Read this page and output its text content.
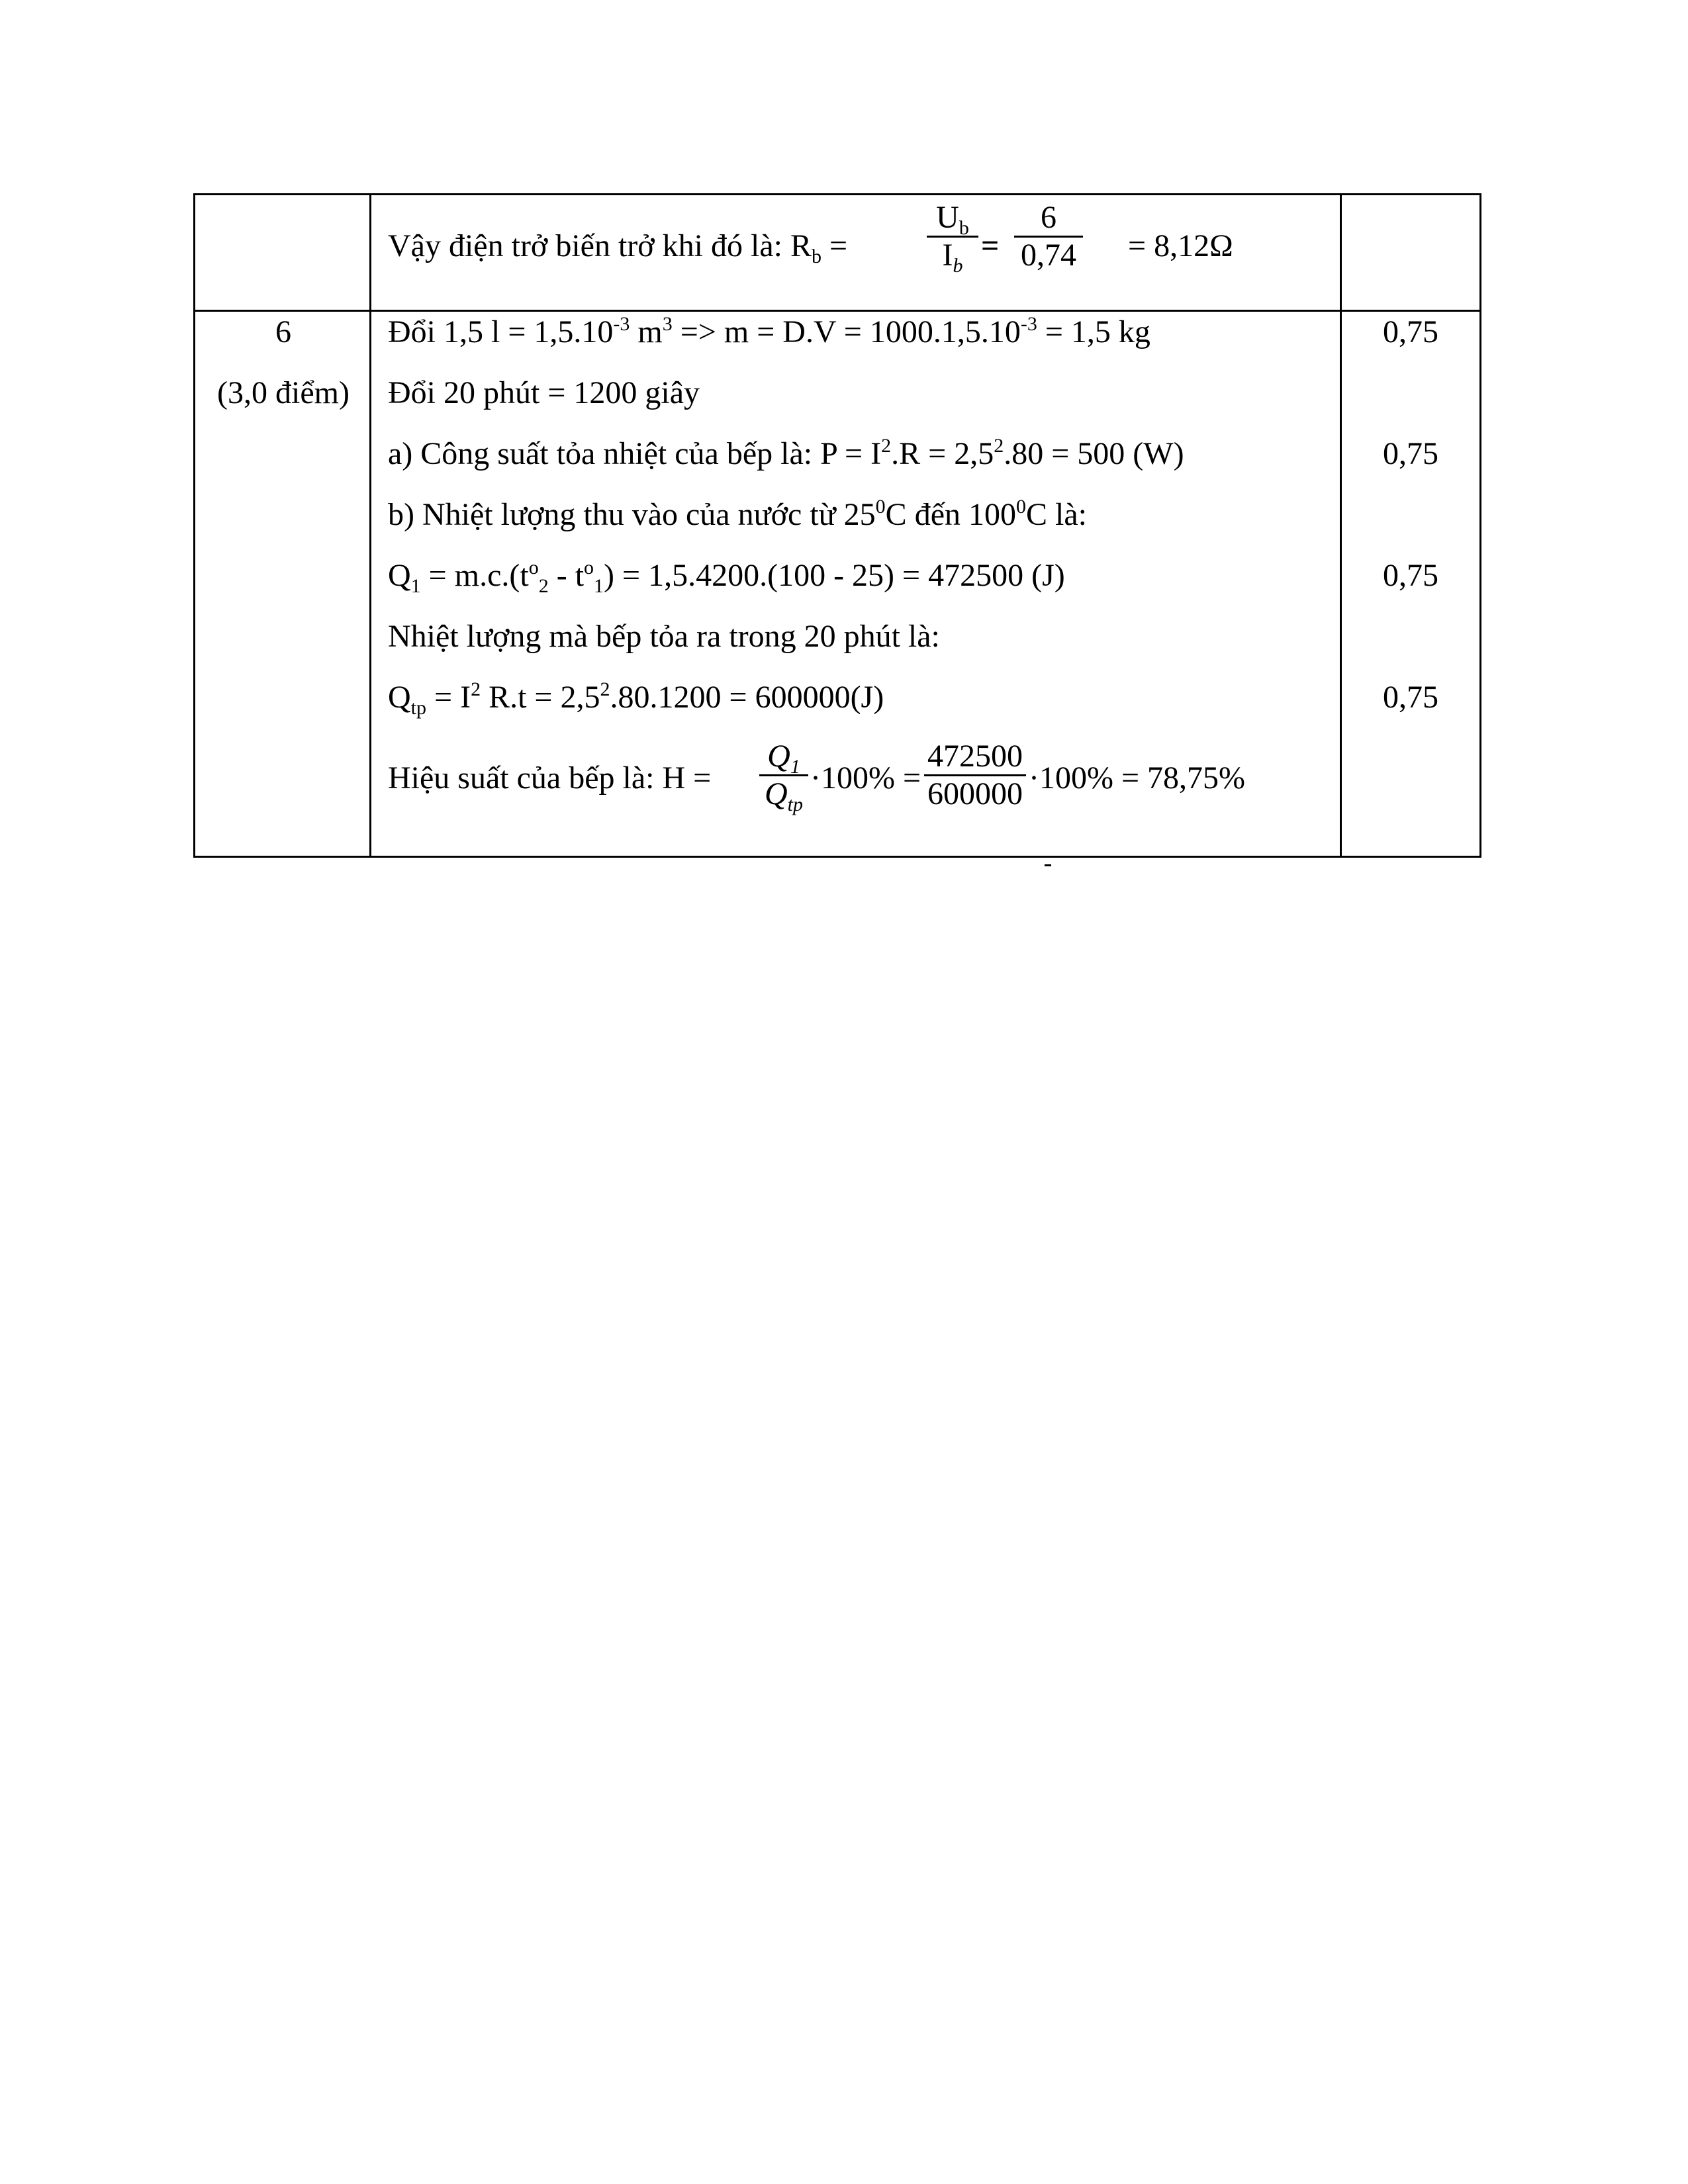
Vậy điện trở biến trở khi đó là: $R_b$ =
$U_b$
$I_b$
=
6
0,74 = 8,12Ω
6
(3,0 điểm)
Đổi 1,5 $l = 1,5.10^{-3}$ $m^3 => m = D.V = 1000.1,5.10^{-3} = 1,5$ kg
Đổi 20 phút = 1200 giây
a) Công suất tỏa nhiệt của bếp là: $P = I^2.R = 2,5^2.80 = 500$ (W)
b) Nhiệt lượng thu vào của nước từ $25^0C$ đến $100^0C$ là:
$Q_1 = m.c.(t^o_2 - t^o_1) = 1,5.4200.(100 - 25) = 472500$ (J)
Nhiệt lượng mà bếp tỏa ra trong 20 phút là:
$Q_{tp} = I^2$ $R.t = 2,5^2.80.1200 = 600000(J)$
Hiệu suất của bếp là: H =
$Q_1$
$Q_{tp}$
·100% =
472500
600000 ·100% = 78,75%
0,75
0,75
0,75
0,75
